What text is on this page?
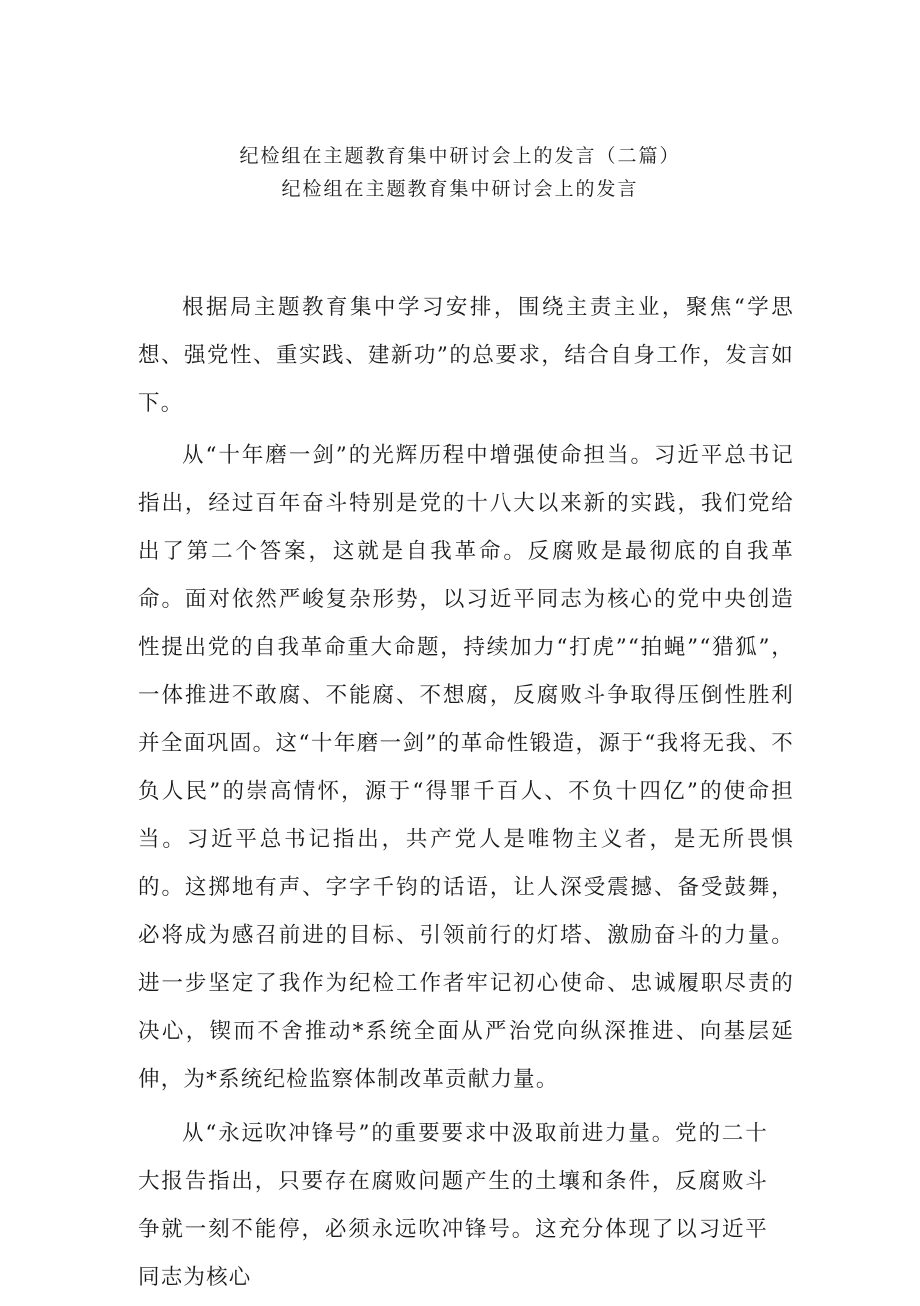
纪检组在主题教育集中研讨会上的发言（二篇）
纪检组在主题教育集中研讨会上的发言

根据局主题教育集中学习安排，围绕主责主业，聚焦“学思想、强党性、重实践、建新功”的总要求，结合自身工作，发言如下。

从“十年磨一剑”的光辉历程中增强使命担当。习近平总书记指出，经过百年奋斗特别是党的十八大以来新的实践，我们党给出了第二个答案，这就是自我革命。反腐败是最彻底的自我革命。面对依然严峻复杂形势，以习近平同志为核心的党中央创造性提出党的自我革命重大命题，持续加力“打虎”“拍蝇”“猎狐”，一体推进不敢腐、不能腐、不想腐，反腐败斗争取得压倒性胜利并全面巩固。这“十年磨一剑”的革命性锻造，源于“我将无我、不负人民”的崇高情怀，源于“得罪千百人、不负十四亿”的使命担当。习近平总书记指出，共产党人是唯物主义者，是无所畏惧的。这掷地有声、字字千钧的话语，让人深受震撼、备受鼓舞，必将成为感召前进的目标、引领前行的灯塔、激励奋斗的力量。进一步坚定了我作为纪检工作者牢记初心使命、忠诚履职尽责的决心，锲而不舍推动*系统全面从严治党向纵深推进、向基层延伸，为*系统纪检监察体制改革贡献力量。

从“永远吹冲锋号”的重要要求中汲取前进力量。党的二十大报告指出，只要存在腐败问题产生的土壤和条件，反腐败斗争就一刻不能停，必须永远吹冲锋号。这充分体现了以习近平同志为核心
